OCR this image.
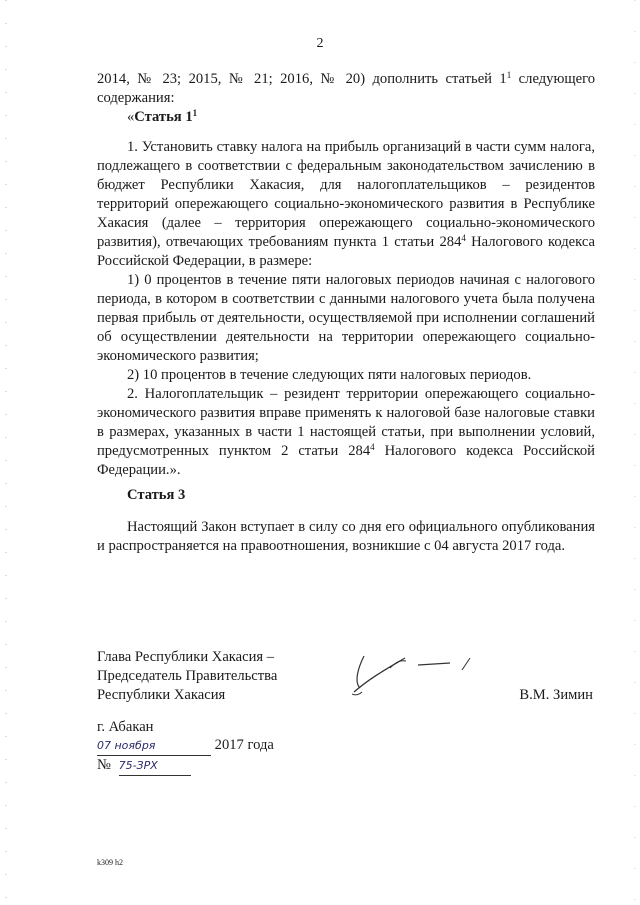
2

2014, № 23; 2015, № 21; 2016, № 20) дополнить статьей $1^1$ следующего содержания:

«Статья $1^1$

1. Установить ставку налога на прибыль организаций в части сумм налога, подлежащего в соответствии с федеральным законодательством зачислению в бюджет Республики Хакасия, для налогоплательщиков – резидентов территорий опережающего социально-экономического развития в Республике Хакасия (далее – территория опережающего социально-экономического развития), отвечающих требованиям пункта 1 статьи $284^4$ Налогового кодекса Российской Федерации, в размере:

1) 0 процентов в течение пяти налоговых периодов начиная с налогового периода, в котором в соответствии с данными налогового учета была получена первая прибыль от деятельности, осуществляемой при исполнении соглашений об осуществлении деятельности на территории опережающего социально-экономического развития;

2) 10 процентов в течение следующих пяти налоговых периодов.

2. Налогоплательщик – резидент территории опережающего социально-экономического развития вправе применять к налоговой базе налоговые ставки в размерах, указанных в части 1 настоящей статьи, при выполнении условий, предусмотренных пунктом 2 статьи $284^4$ Налогового кодекса Российской Федерации.».

Статья 3

Настоящий Закон вступает в силу со дня его официального опубликования и распространяется на правоотношения, возникшие с 04 августа 2017 года.

Глава Республики Хакасия –
Председатель Правительства
Республики Хакасия	В.М. Зимин
г. Абакан
07 ноября	2017 года
№ 75-ЗРХ
k309 h2
